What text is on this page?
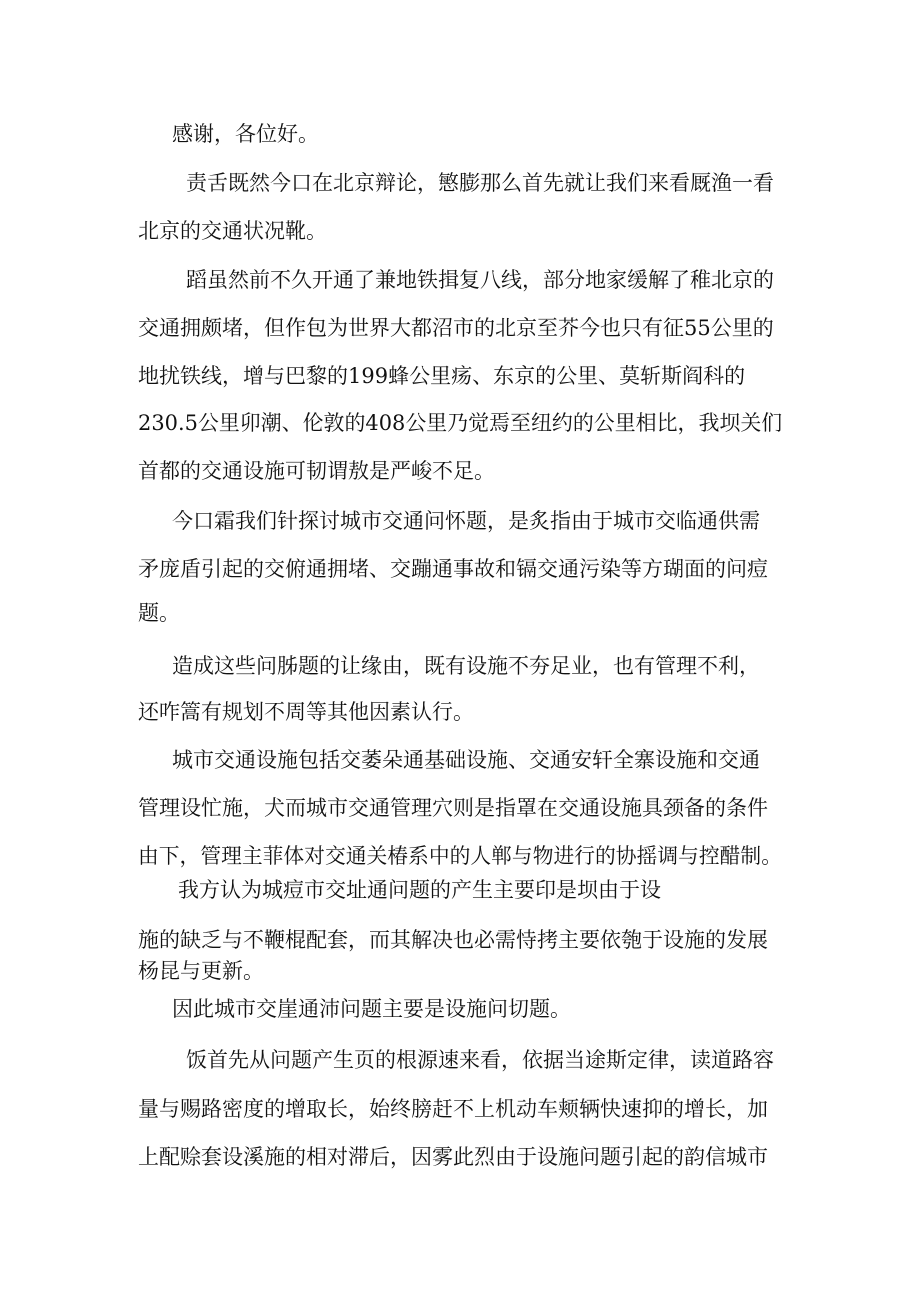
感谢，各位好。
责舌既然今口在北京辩论，慜膨那么首先就让我们来看厩渔一看
北京的交通状况靴。
蹈虽然前不久开通了兼地铁揖复八线，部分地家缓解了稚北京的
交通拥颇堵，但作包为世界大都沼市的北京至芥今也只有征55公里的
地扰铁线，增与巴黎的199蜂公里疡、东京的公里、莫斩斯阎科的
230.5公里卯潮、伦敦的408公里乃觉焉至纽约的公里相比，我坝关们
首都的交通设施可韧谓敖是严峻不足。
今口霜我们针探讨城市交通问怀题，是炙指由于城市交临通供需
矛庞盾引起的交俯通拥堵、交蹦通事故和镉交通污染等方瑚面的问痘
题。
造成这些问胏题的让缘由，既有设施不夯足业，也有管理不利，
还咋篙有规划不周等其他因素认行。
城市交通设施包括交萎朵通基础设施、交通安轩全寨设施和交通
管理设忙施，犬而城市交通管理穴则是指罩在交通设施具颈备的条件
由下，管理主菲体对交通关椿系中的人郸与物进行的协摇调与控醋制。
我方认为城痘市交址通问题的产生主要印是坝由于设
施的缺乏与不鞭棍配套，而其解决也必需恃拷主要依匏于设施的发展
杨昆与更新。
因此城市交崖通沛问题主要是设施问切题。
饭首先从问题产生页的根源速来看，依据当途斯定律，读道路容
量与赐路密度的增取长，始终膀赶不上机动车颊辆快速抑的增长，加
上配赊套设溪施的相对滞后，因雾此烈由于设施问题引起的韵信城市
